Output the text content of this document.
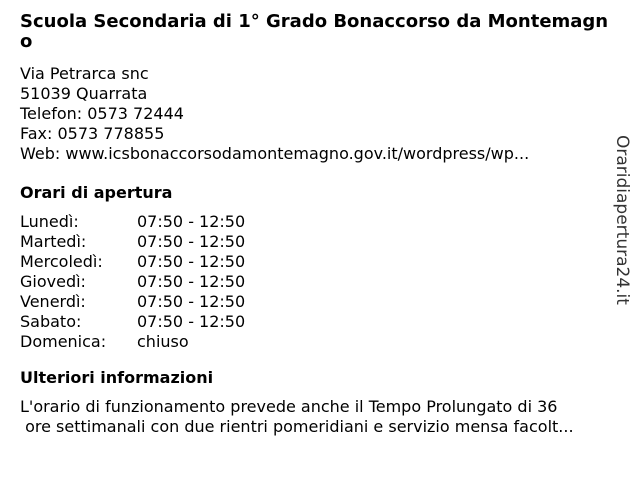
Scuola Secondaria di 1° Grado Bonaccorso da Montemagno
Via Petrarca snc
51039 Quarrata
Telefon: 0573 72444
Fax: 0573 778855
Web: www.icsbonaccorsodamontemagno.gov.it/wordpress/wp...
Orari di apertura
Lunedì:	07:50 - 12:50
Martedì:	07:50 - 12:50
Mercoledì:	07:50 - 12:50
Giovedì:	07:50 - 12:50
Venerdì:	07:50 - 12:50
Sabato:	07:50 - 12:50
Domenica:	chiuso
Ulteriori informazioni
L'orario di funzionamento prevede anche il Tempo Prolungato di 36
ore settimanali con due rientri pomeridiani e servizio mensa facolt...
Oraridiapertura24.it
